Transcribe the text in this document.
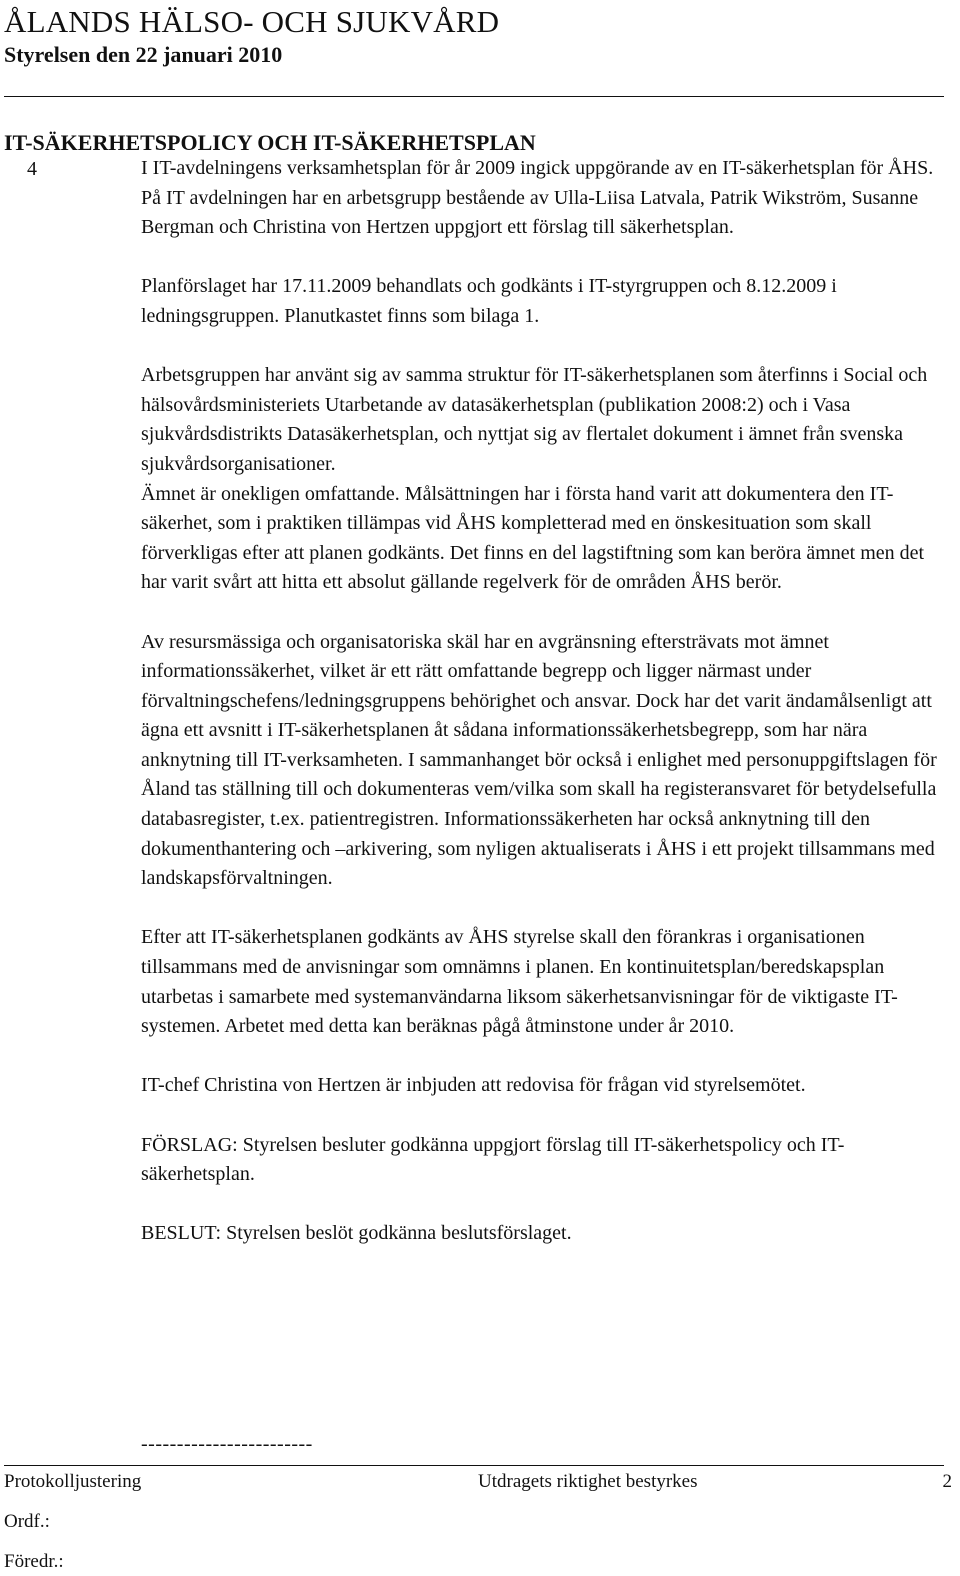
ÅLANDS HÄLSO- OCH SJUKVÅRD
Styrelsen den 22 januari 2010
IT-SÄKERHETSPOLICY OCH IT-SÄKERHETSPLAN
4	I IT-avdelningens verksamhetsplan för år 2009 ingick uppgörande av en IT-säkerhetsplan för ÅHS. På IT avdelningen har en arbetsgrupp bestående av Ulla-Liisa Latvala, Patrik Wikström, Susanne Bergman och Christina von Hertzen uppgjort ett förslag till säkerhetsplan.

Planförslaget har 17.11.2009 behandlats och godkänts i IT-styrgruppen och 8.12.2009 i ledningsgruppen. Planutkastet finns som bilaga 1.

Arbetsgruppen har använt sig av samma struktur för IT-säkerhetsplanen som återfinns i Social och hälsovårdsministeriets Utarbetande av datasäkerhetsplan (publikation 2008:2) och i Vasa sjukvårdsdistrikts Datasäkerhetsplan, och nyttjat sig av flertalet dokument i ämnet från svenska sjukvårdsorganisationer.

Ämnet är onekligen omfattande. Målsättningen har i första hand varit att dokumentera den IT-säkerhet, som i praktiken tillämpas vid ÅHS kompletterad med en önskesituation som skall förverkligas efter att planen godkänts. Det finns en del lagstiftning som kan beröra ämnet men det har varit svårt att hitta ett absolut gällande regelverk för de områden ÅHS berör.

Av resursmässiga och organisatoriska skäl har en avgränsning eftersträvats mot ämnet informationssäkerhet, vilket är ett rätt omfattande begrepp och ligger närmast under förvaltningschefens/ledningsgruppens behörighet och ansvar. Dock har det varit ändamålsenligt att ägna ett avsnitt i IT-säkerhetsplanen åt sådana informationssäkerhetsbegrepp, som har nära anknytning till IT-verksamheten. I sammanhanget bör också i enlighet med personuppgiftslagen för Åland tas ställning till och dokumenteras vem/vilka som skall ha registeransvaret för betydelsefulla databasregister, t.ex. patientregistren. Informationssäkerheten har också anknytning till den dokumenthantering och –arkivering, som nyligen aktualiserats i ÅHS i ett projekt tillsammans med landskapsförvaltningen.

Efter att IT-säkerhetsplanen godkänts av ÅHS styrelse skall den förankras i organisationen tillsammans med de anvisningar som omnämns i planen. En kontinuitetsplan/beredskapsplan utarbetas i samarbete med systemanvändarna liksom säkerhetsanvisningar för de viktigaste IT-systemen. Arbetet med detta kan beräknas pågå åtminstone under år 2010.

IT-chef Christina von Hertzen är inbjuden att redovisa för frågan vid styrelsemötet.

FÖRSLAG: Styrelsen besluter godkänna uppgjort förslag till IT-säkerhetspolicy och IT-säkerhetsplan.

BESLUT: Styrelsen beslöt godkänna beslutsförslaget.

------------------------
Protokolljustering	Utdragets riktighet bestyrkes	2
Ordf.:
Föredr.:
